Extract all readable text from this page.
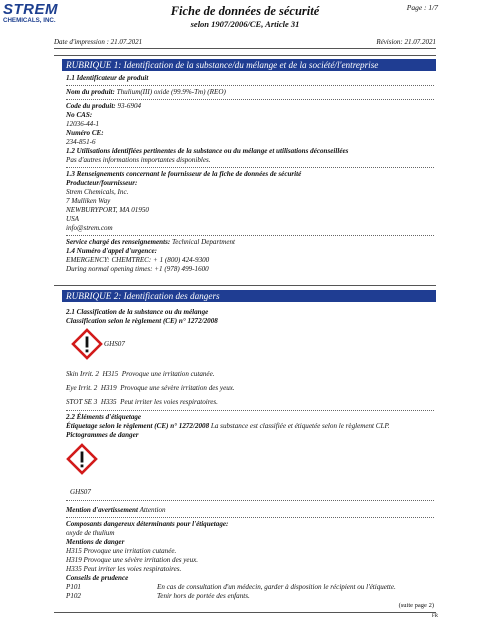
STREM
CHEMICALS, INC.
Fiche de données de sécurité
selon 1907/2006/CE, Article 31
Page : 1/7
Date d'impression : 21.07.2021	Révision: 21.07.2021
RUBRIQUE 1: Identification de la substance/du mélange et de la société/l'entreprise
1.1 Identificateur de produit
Nom du produit: Thulium(III) oxide (99.9%-Tm) (REO)
Code du produit: 93-6904
No CAS:
12036-44-1
Numéro CE:
234-851-6
1.2 Utilisations identifiées pertinentes de la substance ou du mélange et utilisations déconseillées
Pas d'autres informations importantes disponibles.
1.3 Renseignements concernant le fournisseur de la fiche de données de sécurité
Producteur/fournisseur:
Strem Chemicals, Inc.
7 Mulliken Way
NEWBURYPORT, MA 01950
USA
info@strem.com
Service chargé des renseignements: Technical Department
1.4 Numéro d'appel d'urgence:
EMERGENCY: CHEMTREC: + 1 (800) 424-9300
During normal opening times: +1 (978) 499-1600
RUBRIQUE 2: Identification des dangers
2.1 Classification de la substance ou du mélange
Classification selon le règlement (CE) n° 1272/2008
GHS07
Skin Irrit. 2 H315 Provoque une irritation cutanée.
Eye Irrit. 2 H319 Provoque une sévère irritation des yeux.
STOT SE 3 H335 Peut irriter les voies respiratoires.
2.2 Éléments d'étiquetage
Étiquetage selon le règlement (CE) n° 1272/2008 La substance est classifiée et étiquetée selon le règlement CLP.
Pictogrammes de danger
GHS07
Mention d'avertissement Attention
Composants dangereux déterminants pour l'étiquetage:
oxyde de thulium
Mentions de danger
H315 Provoque une irritation cutanée.
H319 Provoque une sévère irritation des yeux.
H335 Peut irriter les voies respiratoires.
Conseils de prudence
P101	En cas de consultation d'un médecin, garder à disposition le récipient ou l'étiquette.
P102	Tenir hors de portée des enfants.
(suite page 2)
FR
